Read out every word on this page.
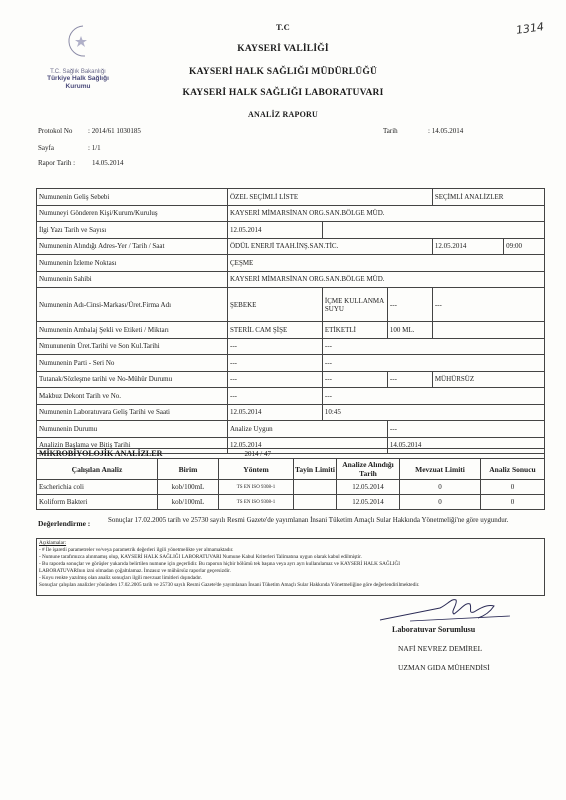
T.C. Sağlık Bakanlığı
Türkiye Halk Sağlığı
Kurumu
1314
T.C
KAYSERİ VALİLİĞİ
KAYSERİ HALK SAĞLIĞI MÜDÜRLÜĞÜ
KAYSERİ HALK SAĞLIĞI LABORATUVARI
ANALİZ RAPORU
Protokol No : 2014/61 1030185	Tarih	: 14.05.2014
Sayfa	: 1/1
Rapor Tarih : 14.05.2014
Numunenin Geliş Sebebi	ÖZEL SEÇİMLİ LİSTE			SEÇİMLİ ANALİZLER	
Numuneyi Gönderen Kişi/Kurum/Kuruluş	KAYSERİ MİMARSİNAN ORG.SAN.BÖLGE MÜD.				
İlgi Yazı Tarih ve Sayısı	12.05.2014				
Numunenin Alındığı Adres-Yer / Tarih / Saat	ÖDÜL ENERJİ TAAH.İNŞ.SAN.TİC.			12.05.2014	09:00
Numunenin İzleme Noktası	ÇEŞME				
Numunenin Sahibi	KAYSERİ MİMARSİNAN ORG.SAN.BÖLGE MÜD.				
Numunenin Adı-Cinsi-Markası/Üret.Firma Adı	ŞEBEKE	İÇME KULLANMA SUYU	---	---	
Numunenin Ambalaj Şekli ve Etiketi / Miktarı	STERİL CAM ŞİŞE	ETİKETLİ	100 ML.		
Nmununenin Üret.Tarihi ve Son Kul.Tarihi	---	---			
Numunenin Parti - Seri No	---	---			
Tutanak/Sözleşme tarihi ve No-Mühür Durumu	---	---	---	MÜHÜRSÜZ	
Makbuz Dekont Tarih ve No.	---	---			
Numunenin Laboratuvara Geliş Tarihi ve Saati	12.05.2014	10:45			
Numunenin Durumu	Analize Uygun		---		
Analizin Başlama ve Bitiş Tarihi	12.05.2014		14.05.2014		
MİKROBİYOLOJİK ANALİZLER		2014 / 47				
Çalışılan Analiz	Birim	Yöntem	Tayin Limiti	Analize Alındığı Tarih	Mevzuat Limiti	Analiz Sonucu
Escherichia coli	kob/100mL	TS EN ISO 9308-1		12.05.2014	0	0
Koliform Bakteri	kob/100mL	TS EN ISO 9308-1		12.05.2014	0	0
Değerlendirme :	Sonuçlar 17.02.2005 tarih ve 25730 sayılı Resmi Gazete'de yayımlanan İnsani Tüketim Amaçlı Sular Hakkında Yönetmeliği'ne göre uygundur.
Açıklamalar:
- # İle işaretli parametreler ve/veya parametrik değerleri ilgili yönetmelikte yer almamaktadır.
- Numune tarafımızca alınmamış olup, KAYSERİ HALK SAĞLIĞI LABORATUVARI Numune Kabul Kriterleri Talimatına uygun olarak kabul edilmiştir.
- Bu raporda sonuçlar ve görüşler yukarıda belirtilen numune için geçerlidir. Bu raporun hiçbir bölümü tek başına veya ayrı ayrı kullanılamaz ve KAYSERİ HALK SAĞLIĞI
LABORATUVARInın izni olmadan çoğaltılamaz. İmzasız ve mühürsüz raporlar geçersizdir.
- Koyu renkte yazılmış olan analiz sonuçları ilgili mevzuat limitleri dışındadır.
Sonuçlar çalışılan analizler yönünden 17.02.2005 tarih ve 25730 sayılı Resmi Gazete'de yayımlanan İnsani Tüketim Amaçlı Sular Hakkında Yönetmeliğine göre değerlendirilmektedir.
Laboratuvar Sorumlusu
NAFİ NEVREZ DEMİREL
UZMAN GIDA MÜHENDİSİ
